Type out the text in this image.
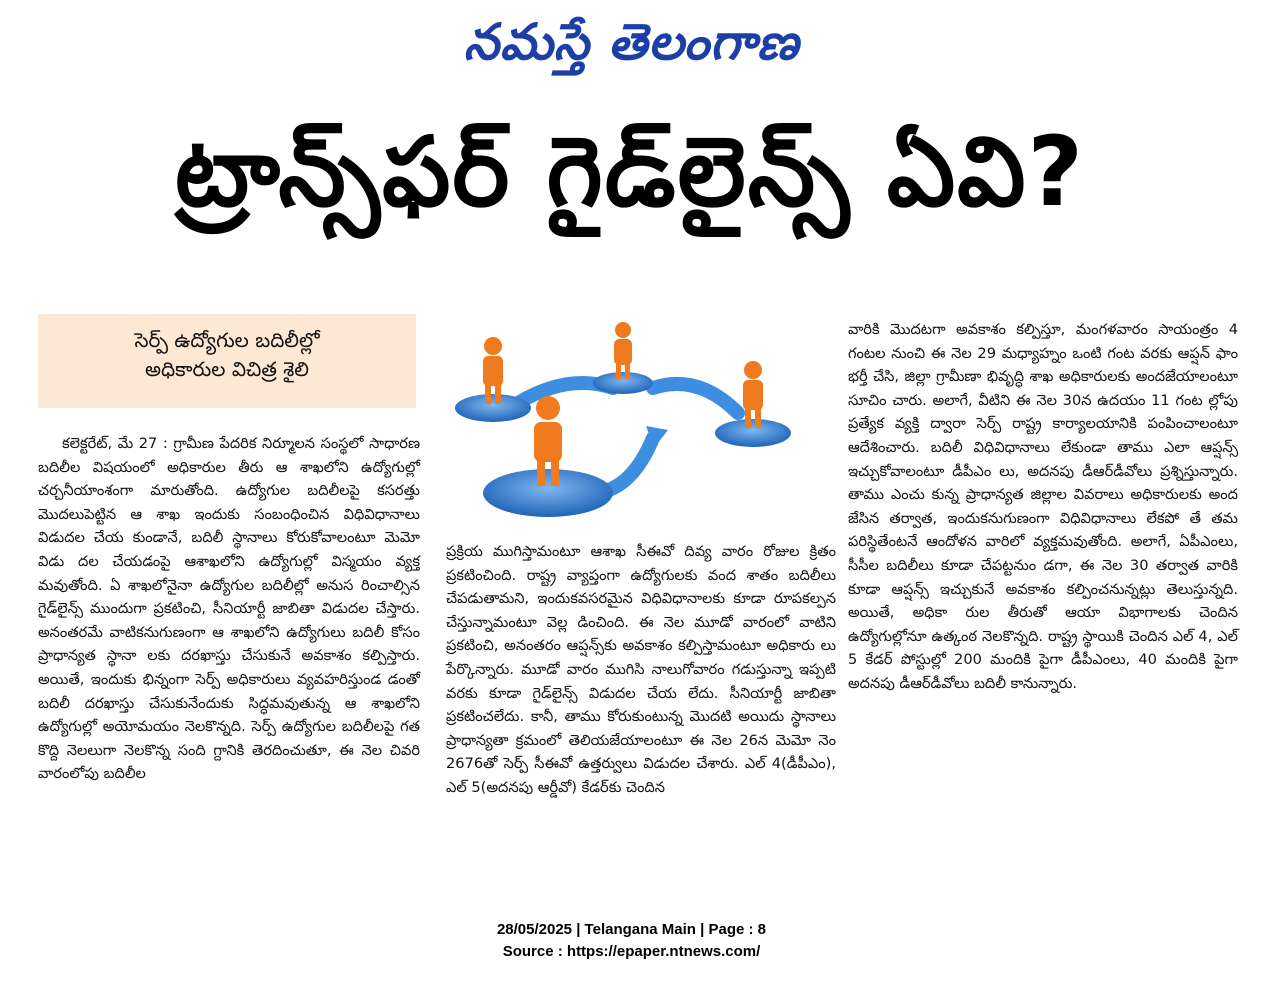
నమస్తే తెలంగాణ
ట్రాన్స్‌ఫర్ గైడ్‌లైన్స్ ఏవి?
సెర్ప్ ఉద్యోగుల బదిలీల్లో
అధికారుల విచిత్ర శైలి

కలెక్టరేట్, మే 27 : గ్రామీణ పేదరిక నిర్మూలన సంస్థలో సాధారణ బదిలీల విషయంలో అధికారుల తీరు ఆ శాఖలోని ఉద్యోగుల్లో చర్చనీయాంశంగా మారుతోంది. ఉద్యోగుల బదిలీలపై కసరత్తు మొదలుపెట్టిన ఆ శాఖ ఇందుకు సంబంధించిన విధివిధానాలు విడుదల చేయ కుండానే, బదిలీ స్థానాలు కోరుకోవాలంటూ మెమో విడు దల చేయడంపై ఆశాఖలోని ఉద్యోగుల్లో విస్మయం వ్యక్త మవుతోంది. ఏ శాఖలోనైనా ఉద్యోగుల బదిలీల్లో అనుస రించాల్సిన గైడ్‌లైన్స్ ముందుగా ప్రకటించి, సీనియార్టీ జాబితా విడుదల చేస్తారు. అనంతరమే వాటికనుగుణంగా ఆ శాఖలోని ఉద్యోగులు బదిలీ కోసం ప్రాధాన్యత స్థానా లకు దరఖాస్తు చేసుకునే అవకాశం కల్పిస్తారు. అయితే, ఇందుకు భిన్నంగా సెర్ప్ అధికారులు వ్యవహరిస్తుండ డంతో బదిలీ దరఖాస్తు చేసుకునేందుకు సిద్ధమవుతున్న ఆ శాఖలోని ఉద్యోగుల్లో అయోమయం నెలకొన్నది. సెర్ప్ ఉద్యోగుల బదిలీలపై గత కొద్ది నెలలుగా నెలకొన్న సంది గ్దానికి తెరదించుతూ, ఈ నెల చివరి వారంలోపు బదిలీల

ప్రక్రియ ముగిస్తామంటూ ఆశాఖ సీఈవో దివ్య వారం రోజుల క్రితం ప్రకటించింది. రాష్ట్ర వ్యాప్తంగా ఉద్యోగులకు వంద శాతం బదిలీలు చేపడుతామని, ఇందుకవసరమైన విధివిధానాలకు కూడా రూపకల్పన చేస్తున్నామంటూ వెల్ల డించింది. ఈ నెల మూడో వారంలో వాటిని ప్రకటించి, అనంతరం ఆప్షన్స్‌కు అవకాశం కల్పిస్తామంటూ అధికారు లు పేర్కొన్నారు. మూడో వారం ముగిసి నాలుగోవారం గడుస్తున్నా ఇప్పటి వరకు కూడా గైడ్‌లైన్స్ విడుదల చేయ లేదు. సీనియార్టీ జాబితా ప్రకటించలేదు. కానీ, తాము కోరుకుంటున్న మొదటి అయిదు స్థానాలు ప్రాధాన్యతా క్రమంలో తెలియజేయాలంటూ ఈ నెల 26న మెమో నెం 2676తో సెర్ప్ సీఈవో ఉత్తర్వులు విడుదల చేశారు. ఎల్ 4(డీపీఎం), ఎల్ 5(అదనపు ఆర్డీవో) కేడర్‌కు చెందిన

వారికి మొదటగా అవకాశం కల్పిస్తూ, మంగళవారం సాయంత్రం 4 గంటల నుంచి ఈ నెల 29 మధ్యాహ్నం ఒంటి గంట వరకు ఆప్షన్ ఫాం భర్తీ చేసి, జిల్లా గ్రామీణా భివృద్ధి శాఖ అధికారులకు అందజేయాలంటూ సూచిం చారు. అలాగే, వీటిని ఈ నెల 30న ఉదయం 11 గంట ల్లోపు ప్రత్యేక వ్యక్తి ద్వారా సెర్ప్ రాష్ట్ర కార్యాలయానికి పంపించాలంటూ ఆదేశించారు. బదిలీ విధివిధానాలు లేకుండా తాము ఎలా ఆప్షన్స్ ఇచ్చుకోవాలంటూ డీపీఎం లు, అదనపు డీఆర్‌డీవోలు ప్రశ్నిస్తున్నారు. తాము ఎంచు కున్న ప్రాధాన్యత జిల్లాల వివరాలు అధికారులకు అంద జేసిన తర్వాత, ఇందుకనుగుణంగా విధివిధానాలు లేకపో తే తమ పరిస్థితేంటనే ఆందోళన వారిలో వ్యక్తమవుతోంది. అలాగే, ఏపీఎంలు, సీసీల బదిలీలు కూడా చేపట్టనుం డగా, ఈ నెల 30 తర్వాత వారికి కూడా ఆప్షన్స్ ఇచ్చుకునే అవకాశం కల్పించనున్నట్లు తెలుస్తున్నది. అయితే, అధికా రుల తీరుతో ఆయా విభాగాలకు చెందిన ఉద్యోగుల్లోనూ ఉత్కంఠ నెలకొన్నది. రాష్ట్ర స్థాయికి చెందిన ఎల్ 4, ఎల్ 5 కేడర్ పోస్టుల్లో 200 మందికి పైగా డీపీఎంలు, 40 మందికి పైగా అదనపు డీఆర్‌డీవోలు బదిలీ కానున్నారు.

28/05/2025 | Telangana Main | Page : 8
Source : https://epaper.ntnews.com/
